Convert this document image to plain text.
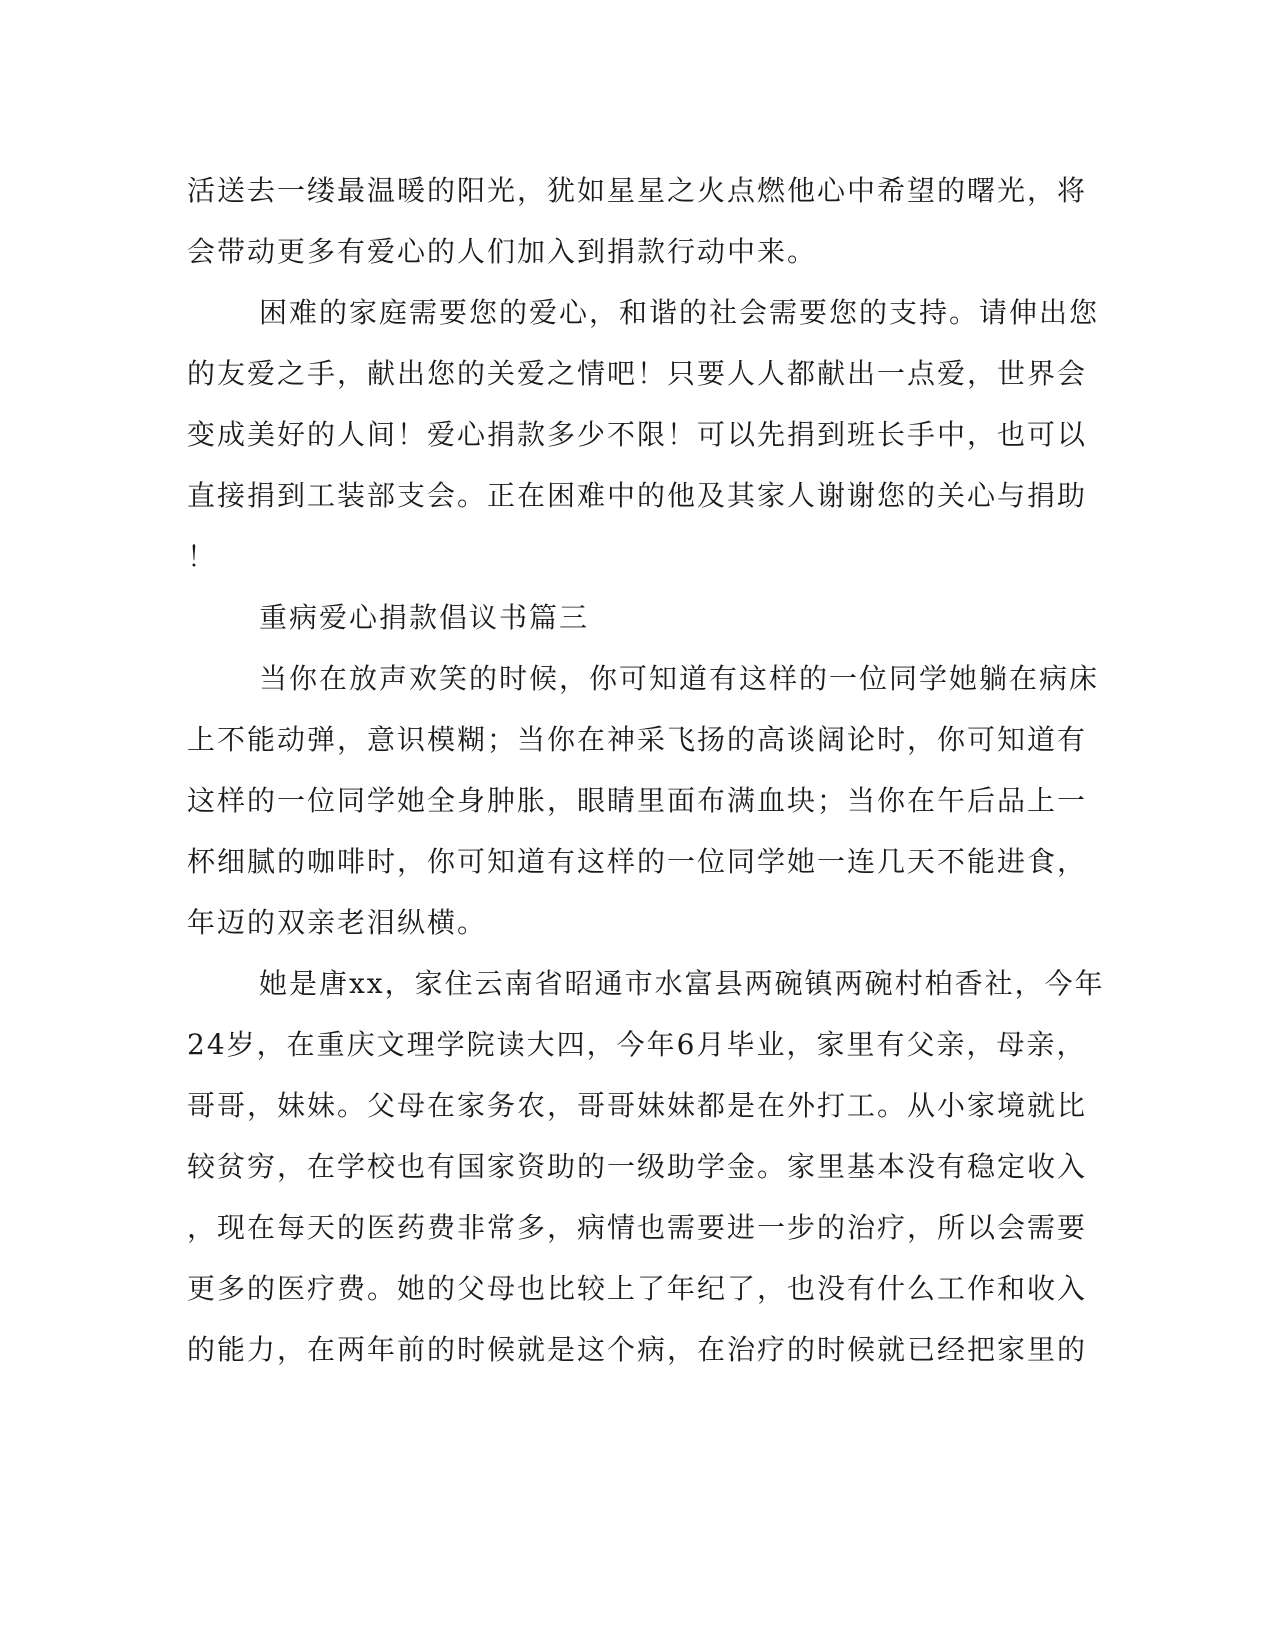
活送去一缕最温暖的阳光，犹如星星之火点燃他心中希望的曙光，将

会带动更多有爱心的人们加入到捐款行动中来。

困难的家庭需要您的爱心，和谐的社会需要您的支持。请伸出您

的友爱之手，献出您的关爱之情吧！只要人人都献出一点爱，世界会

变成美好的人间！爱心捐款多少不限！可以先捐到班长手中，也可以

直接捐到工装部支会。正在困难中的他及其家人谢谢您的关心与捐助

！

重病爱心捐款倡议书篇三

当你在放声欢笑的时候，你可知道有这样的一位同学她躺在病床

上不能动弹，意识模糊；当你在神采飞扬的高谈阔论时，你可知道有

这样的一位同学她全身肿胀，眼睛里面布满血块；当你在午后品上一

杯细腻的咖啡时，你可知道有这样的一位同学她一连几天不能进食，

年迈的双亲老泪纵横。

她是唐xx，家住云南省昭通市水富县两碗镇两碗村柏香社，今年

24岁，在重庆文理学院读大四，今年6月毕业，家里有父亲，母亲，

哥哥，妹妹。父母在家务农，哥哥妹妹都是在外打工。从小家境就比

较贫穷，在学校也有国家资助的一级助学金。家里基本没有稳定收入

，现在每天的医药费非常多，病情也需要进一步的治疗，所以会需要

更多的医疗费。她的父母也比较上了年纪了，也没有什么工作和收入

的能力，在两年前的时候就是这个病，在治疗的时候就已经把家里的
